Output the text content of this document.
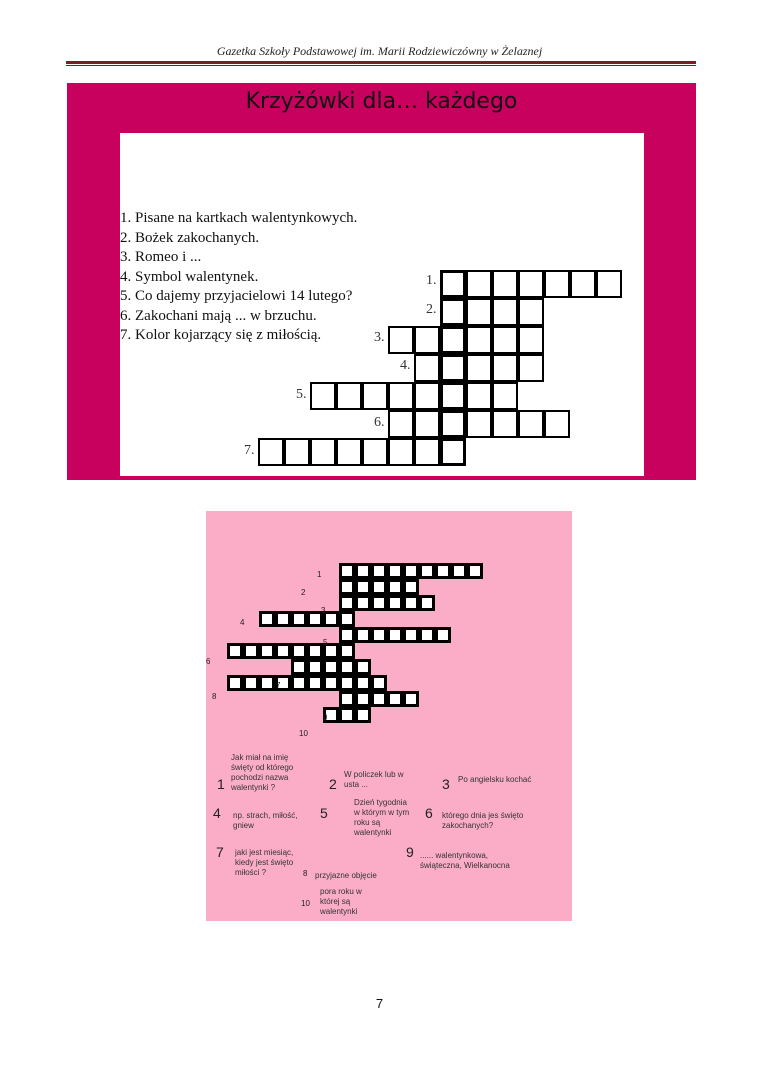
Gazetka Szkoły Podstawowej im. Marii Rodziewiczówny w Żelaznej
Krzyżówki dla… każdego
1. Pisane na kartkach walentynkowych.
2. Bożek zakochanych.
3. Romeo i ...
4. Symbol walentynek.
5. Co dajemy przyjacielowi 14 lutego?
6. Zakochani mają ... w brzuchu.
7. Kolor kojarzący się z miłością.
1.
2.
3.
4.
5.
6.
7.
1
2
3
4
5
6
7
8
9
10
1
Jak miał na imię święty od którego pochodzi nazwa walentynki ?	2
W policzek lub w usta ...	3 Po angielsku kochać
4 np. strach, miłość, gniew
5
Dzień tygodnia w którym w tym roku są walentynki
6 którego dnia jes święto zakochanych?
7 jaki jest miesiąc, kiedy jest święto miłości ?	8 przyjazne objęcie
9 ...... walentynkowa, świąteczna, Wielkanocna
10
pora roku w której są walentynki
7
